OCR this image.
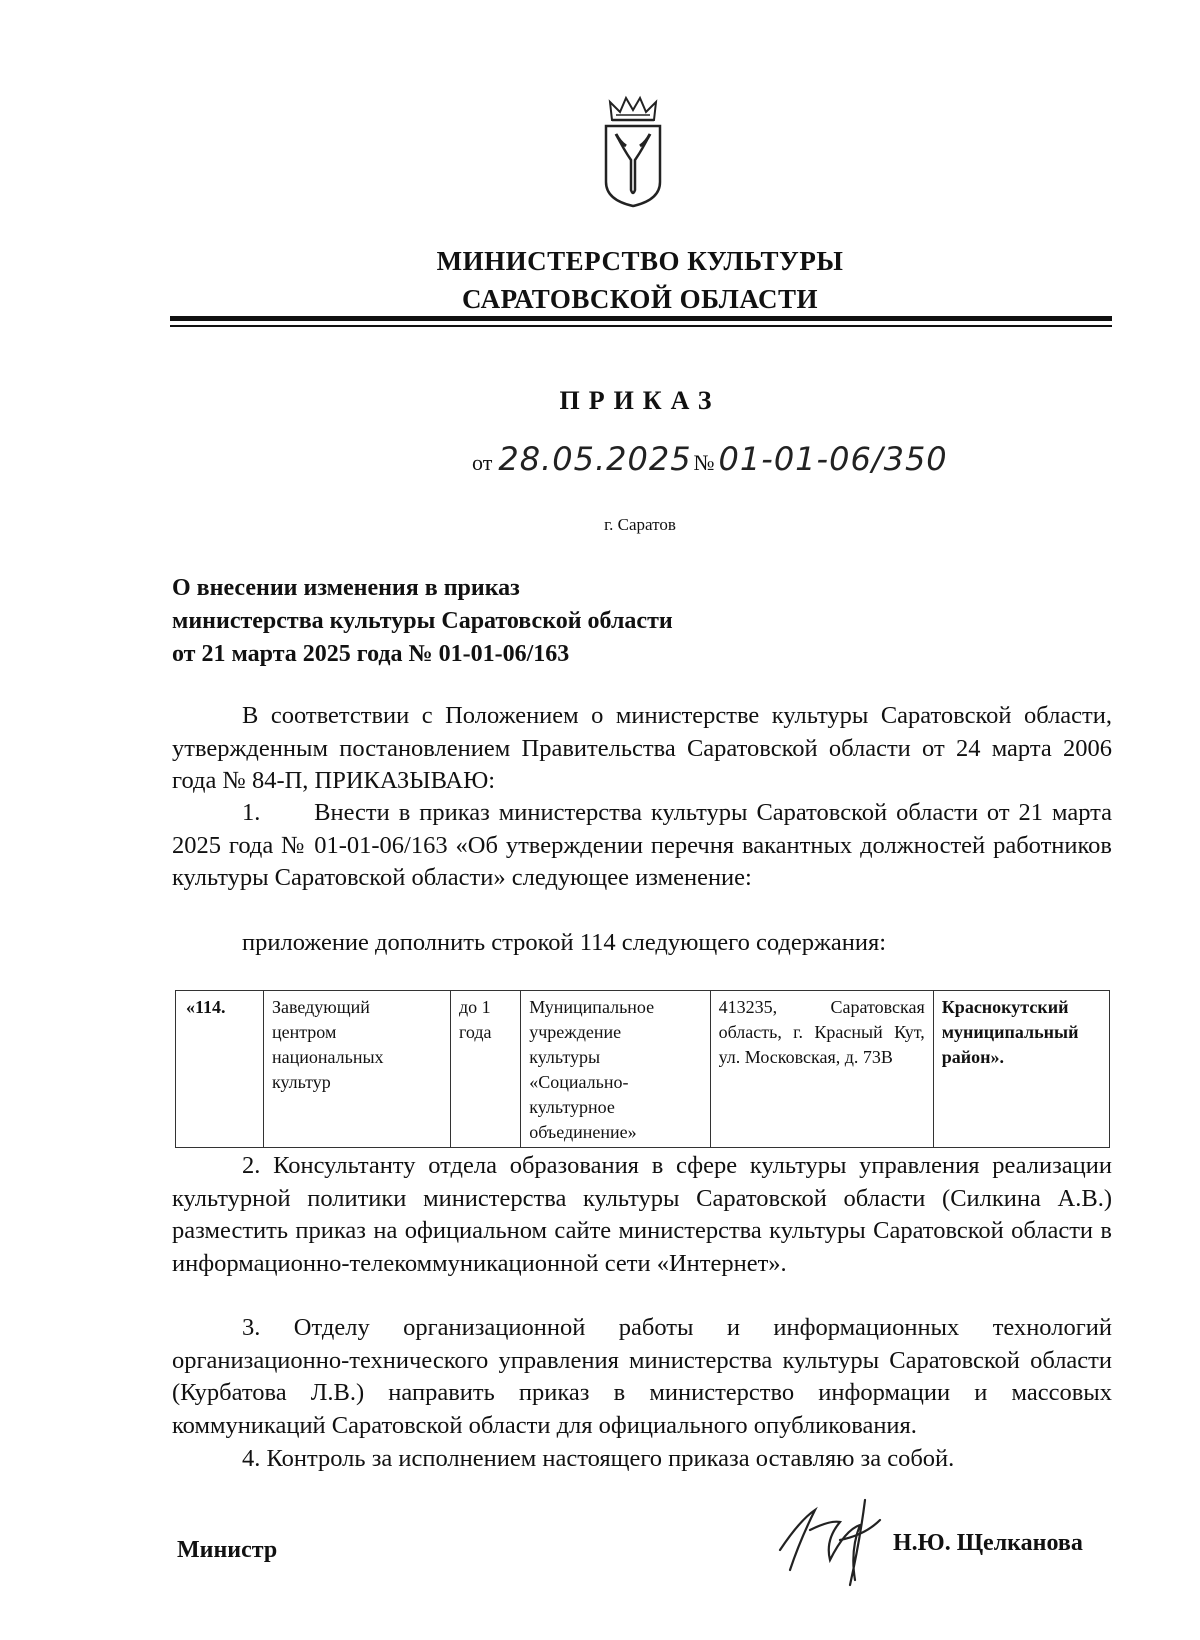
МИНИСТЕРСТВО КУЛЬТУРЫ
САРАТОВСКОЙ ОБЛАСТИ
ПРИКАЗ
от 28.05.2025№ 01-01-06/350
г. Саратов
О внесении изменения в приказ
министерства культуры Саратовской области
от 21 марта 2025 года № 01-01-06/163

В соответствии с Положением о министерстве культуры Саратовской области, утвержденным постановлением Правительства Саратовской области от 24 марта 2006 года № 84-П, ПРИКАЗЫВАЮ:

1.      Внести в приказ министерства культуры Саратовской области от 21 марта 2025 года № 01-01-06/163 «Об утверждении перечня вакантных должностей работников культуры Саратовской области» следующее изменение:

приложение дополнить строкой 114 следующего содержания:

«114.	Заведующий
центром
национальных
культур	до 1
года	Муниципальное
учреждение
культуры
«Социально-
культурное
объединение»	413235, Саратовская область, г. Красный Кут, ул. Московская, д. 73В	Краснокутский
муниципальный
район».

2. Консультанту отдела образования в сфере культуры управления реализации культурной политики министерства культуры Саратовской области (Силкина А.В.) разместить приказ на официальном сайте министерства культуры Саратовской области в информационно-телекоммуникационной сети «Интернет».

3. Отделу организационной работы и информационных технологий организационно-технического управления министерства культуры Саратовской области (Курбатова Л.В.) направить приказ в министерство информации и массовых коммуникаций Саратовской области для официального опубликования.

4. Контроль за исполнением настоящего приказа оставляю за собой.

Министр	Н.Ю. Щелканова
